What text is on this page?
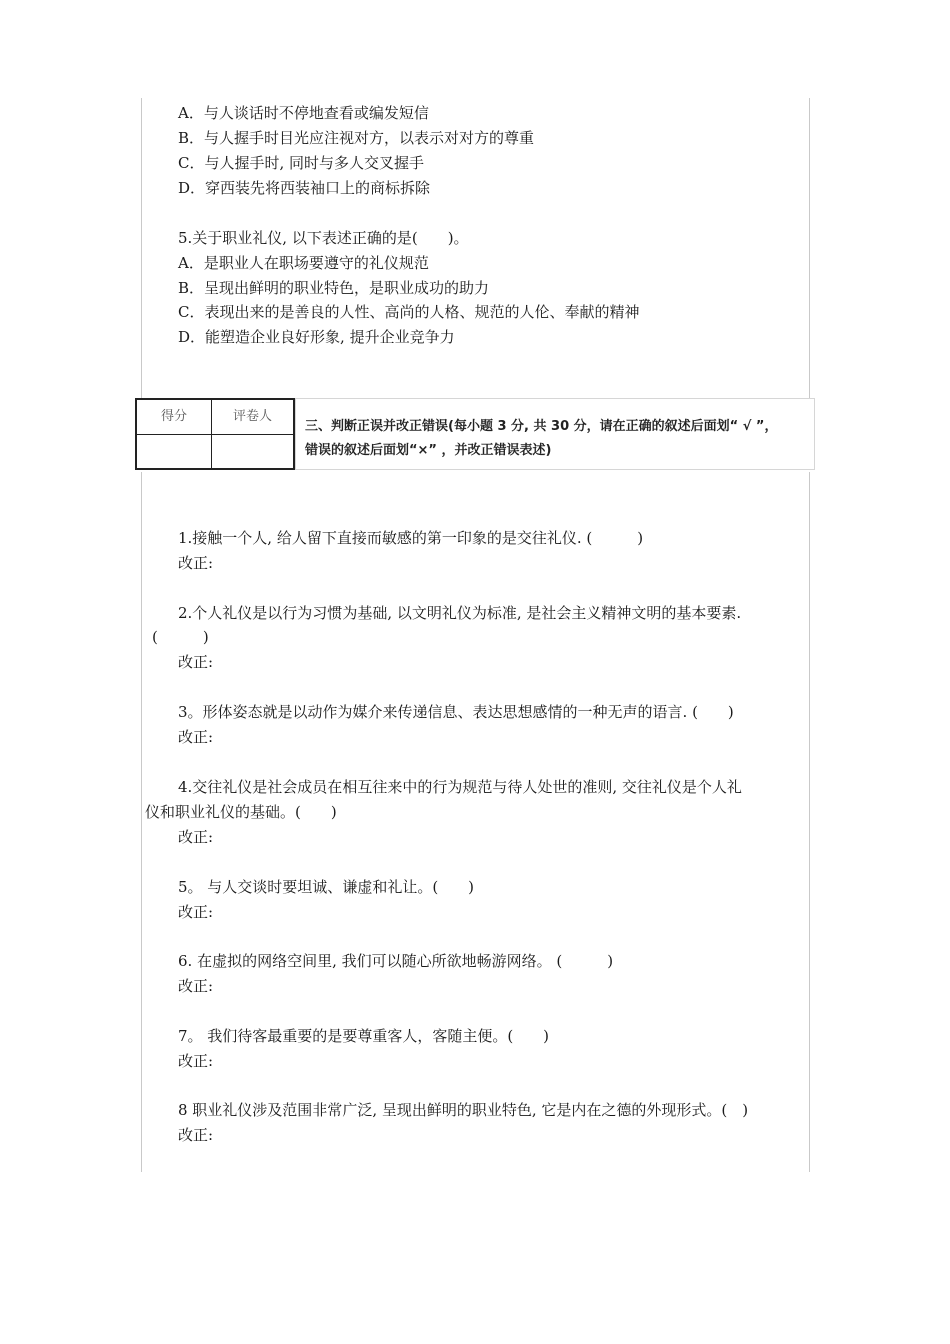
A．与人谈话时不停地查看或编发短信
B．与人握手时目光应注视对方，以表示对对方的尊重
C．与人握手时, 同时与多人交叉握手
D．穿西装先将西装袖口上的商标拆除
5.关于职业礼仪, 以下表述正确的是(　　)。
A．是职业人在职场要遵守的礼仪规范
B．呈现出鲜明的职业特色，是职业成功的助力
C．表现出来的是善良的人性、高尚的人格、规范的人伦、奉献的精神
D．能塑造企业良好形象, 提升企业竞争力
得分	评卷人
三、判断正误并改正错误(每小题 3 分, 共 30 分，请在正确的叙述后面划“ √ ”，
错误的叙述后面划“×” ，并改正错误表述)
1.接触一个人, 给人留下直接而敏感的第一印象的是交往礼仪. (　　　)
改正:
2.个人礼仪是以行为习惯为基础, 以文明礼仪为标准, 是社会主义精神文明的基本要素.
(　　　)
改正:
3。形体姿态就是以动作为媒介来传递信息、表达思想感情的一种无声的语言. (　　)
改正:
4.交往礼仪是社会成员在相互往来中的行为规范与待人处世的准则, 交往礼仪是个人礼
仪和职业礼仪的基础。(　　)
改正:
5。 与人交谈时要坦诚、谦虚和礼让。(　　)
改正:
6. 在虚拟的网络空间里, 我们可以随心所欲地畅游网络。 (　　　)
改正:
7。 我们待客最重要的是要尊重客人，客随主便。(　　)
改正:
8 职业礼仪涉及范围非常广泛, 呈现出鲜明的职业特色, 它是内在之德的外现形式。(　)
改正:
